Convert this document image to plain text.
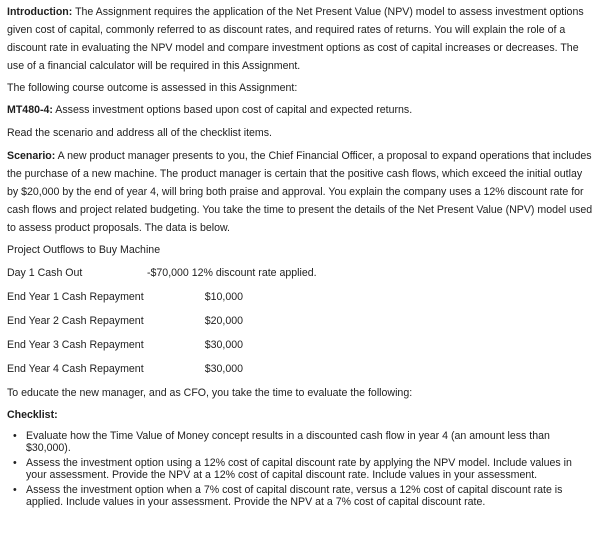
Introduction: The Assignment requires the application of the Net Present Value (NPV) model to assess investment options given cost of capital, commonly referred to as discount rates, and required rates of returns. You will explain the role of a discount rate in evaluating the NPV model and compare investment options as cost of capital increases or decreases. The use of a financial calculator will be required in this Assignment.

The following course outcome is assessed in this Assignment:

MT480-4: Assess investment options based upon cost of capital and expected returns.

Read the scenario and address all of the checklist items.

Scenario: A new product manager presents to you, the Chief Financial Officer, a proposal to expand operations that includes the purchase of a new machine. The product manager is certain that the positive cash flows, which exceed the initial outlay by $20,000 by the end of year 4, will bring both praise and approval. You explain the company uses a 12% discount rate for cash flows and project related budgeting. You take the time to present the details of the Net Present Value (NPV) model used to assess product proposals. The data is below.

Project Outflows to Buy Machine

Day 1 Cash Out	-$70,000 12% discount rate applied.
End Year 1 Cash Repayment	$10,000
End Year 2 Cash Repayment	$20,000
End Year 3 Cash Repayment	$30,000
End Year 4 Cash Repayment	$30,000

To educate the new manager, and as CFO, you take the time to evaluate the following:

Checklist:

• Evaluate how the Time Value of Money concept results in a discounted cash flow in year 4 (an amount less than $30,000).
• Assess the investment option using a 12% cost of capital discount rate by applying the NPV model. Include values in your assessment. Provide the NPV at a 12% cost of capital discount rate. Include values in your assessment.
• Assess the investment option when a 7% cost of capital discount rate, versus a 12% cost of capital discount rate is applied. Include values in your assessment. Provide the NPV at a 7% cost of capital discount rate.
